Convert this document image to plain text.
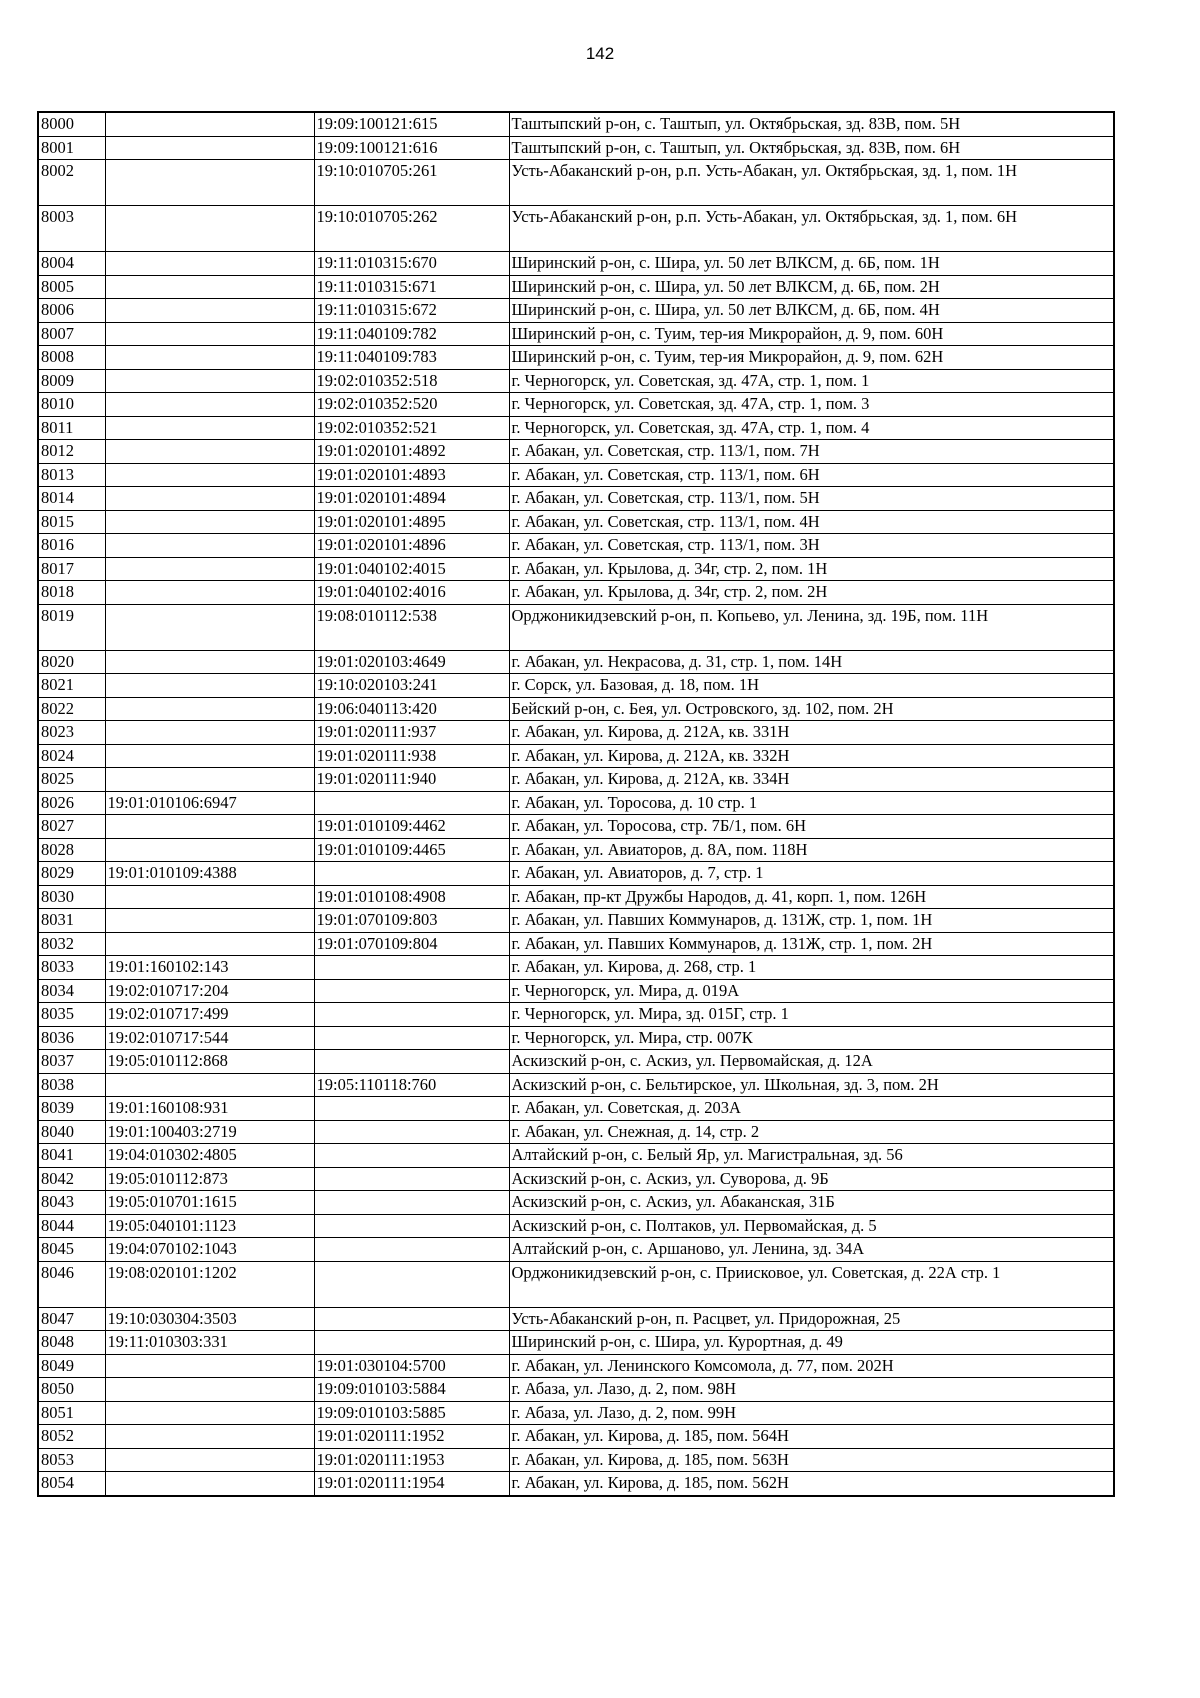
142
8000		19:09:100121:615	Таштыпский р-он, с. Таштып, ул. Октябрьская, зд. 83В, пом. 5Н
8001		19:09:100121:616	Таштыпский р-он, с. Таштып, ул. Октябрьская, зд. 83В, пом. 6Н
8002		19:10:010705:261	Усть-Абаканский р-он, р.п. Усть-Абакан, ул. Октябрьская, зд. 1, пом. 1Н
8003		19:10:010705:262	Усть-Абаканский р-он, р.п. Усть-Абакан, ул. Октябрьская, зд. 1, пом. 6Н
8004		19:11:010315:670	Ширинский р-он, с. Шира, ул. 50 лет ВЛКСМ, д. 6Б, пом. 1Н
8005		19:11:010315:671	Ширинский р-он, с. Шира, ул. 50 лет ВЛКСМ, д. 6Б, пом. 2Н
8006		19:11:010315:672	Ширинский р-он, с. Шира, ул. 50 лет ВЛКСМ, д. 6Б, пом. 4Н
8007		19:11:040109:782	Ширинский р-он, с. Туим, тер-ия Микрорайон, д. 9, пом. 60Н
8008		19:11:040109:783	Ширинский р-он, с. Туим, тер-ия Микрорайон, д. 9, пом. 62Н
8009		19:02:010352:518	г. Черногорск, ул. Советская, зд. 47А, стр. 1, пом. 1
8010		19:02:010352:520	г. Черногорск, ул. Советская, зд. 47А, стр. 1, пом. 3
8011		19:02:010352:521	г. Черногорск, ул. Советская, зд. 47А, стр. 1, пом. 4
8012		19:01:020101:4892	г. Абакан, ул. Советская, стр. 113/1, пом. 7Н
8013		19:01:020101:4893	г. Абакан, ул. Советская, стр. 113/1, пом. 6Н
8014		19:01:020101:4894	г. Абакан, ул. Советская, стр. 113/1, пом. 5Н
8015		19:01:020101:4895	г. Абакан, ул. Советская, стр. 113/1, пом. 4Н
8016		19:01:020101:4896	г. Абакан, ул. Советская, стр. 113/1, пом. 3Н
8017		19:01:040102:4015	г. Абакан, ул. Крылова, д. 34г, стр. 2, пом. 1Н
8018		19:01:040102:4016	г. Абакан, ул. Крылова, д. 34г, стр. 2, пом. 2Н
8019		19:08:010112:538	Орджоникидзевский р-он, п. Копьево, ул. Ленина, зд. 19Б, пом. 11Н
8020		19:01:020103:4649	г. Абакан, ул. Некрасова, д. 31, стр. 1, пом. 14Н
8021		19:10:020103:241	г. Сорск, ул. Базовая, д. 18, пом. 1Н
8022		19:06:040113:420	Бейский р-он, с. Бея, ул. Островского, зд. 102, пом. 2Н
8023		19:01:020111:937	г. Абакан, ул. Кирова, д. 212А, кв. 331Н
8024		19:01:020111:938	г. Абакан, ул. Кирова, д. 212А, кв. 332Н
8025		19:01:020111:940	г. Абакан, ул. Кирова, д. 212А, кв. 334Н
8026	19:01:010106:6947		г. Абакан, ул. Торосова, д. 10 стр. 1
8027		19:01:010109:4462	г. Абакан, ул. Торосова, стр. 7Б/1, пом. 6Н
8028		19:01:010109:4465	г. Абакан, ул. Авиаторов, д. 8А, пом. 118Н
8029	19:01:010109:4388		г. Абакан, ул. Авиаторов, д. 7, стр. 1
8030		19:01:010108:4908	г. Абакан, пр-кт Дружбы Народов, д. 41, корп. 1, пом. 126Н
8031		19:01:070109:803	г. Абакан, ул. Павших Коммунаров, д. 131Ж, стр. 1, пом. 1Н
8032		19:01:070109:804	г. Абакан, ул. Павших Коммунаров, д. 131Ж, стр. 1, пом. 2Н
8033	19:01:160102:143		г. Абакан, ул. Кирова, д. 268, стр. 1
8034	19:02:010717:204		г. Черногорск, ул. Мира, д. 019А
8035	19:02:010717:499		г. Черногорск, ул. Мира, зд. 015Г, стр. 1
8036	19:02:010717:544		г. Черногорск, ул. Мира, стр. 007К
8037	19:05:010112:868		Аскизский р-он, с. Аскиз, ул. Первомайская, д. 12А
8038		19:05:110118:760	Аскизский р-он, с. Бельтирское, ул. Школьная, зд. 3, пом. 2Н
8039	19:01:160108:931		г. Абакан, ул. Советская, д. 203А
8040	19:01:100403:2719		г. Абакан, ул. Снежная, д. 14, стр. 2
8041	19:04:010302:4805		Алтайский р-он, с. Белый Яр, ул. Магистральная, зд. 56
8042	19:05:010112:873		Аскизский р-он, с. Аскиз, ул. Суворова, д. 9Б
8043	19:05:010701:1615		Аскизский р-он, с. Аскиз, ул. Абаканская, 31Б
8044	19:05:040101:1123		Аскизский р-он, с. Полтаков, ул. Первомайская, д. 5
8045	19:04:070102:1043		Алтайский р-он, с. Аршаново, ул. Ленина, зд. 34А
8046	19:08:020101:1202		Орджоникидзевский р-он, с. Приисковое, ул. Советская, д. 22А стр. 1
8047	19:10:030304:3503		Усть-Абаканский р-он, п. Расцвет, ул. Придорожная, 25
8048	19:11:010303:331		Ширинский р-он, с. Шира, ул. Курортная, д. 49
8049		19:01:030104:5700	г. Абакан, ул. Ленинского Комсомола, д. 77, пом. 202Н
8050		19:09:010103:5884	г. Абаза, ул. Лазо, д. 2, пом. 98Н
8051		19:09:010103:5885	г. Абаза, ул. Лазо, д. 2, пом. 99Н
8052		19:01:020111:1952	г. Абакан, ул. Кирова, д. 185, пом. 564Н
8053		19:01:020111:1953	г. Абакан, ул. Кирова, д. 185, пом. 563Н
8054		19:01:020111:1954	г. Абакан, ул. Кирова, д. 185, пом. 562Н
